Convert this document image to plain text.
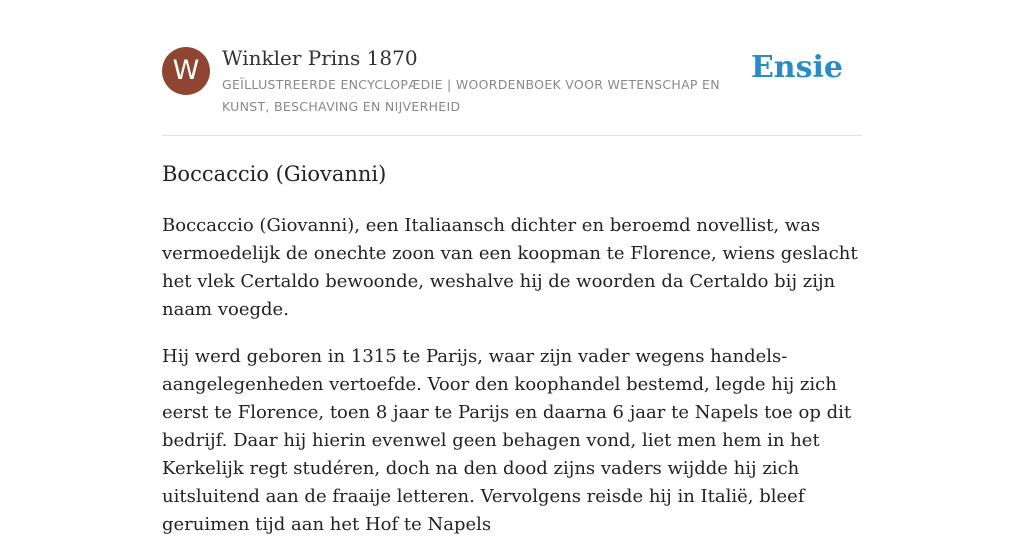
W	Winkler Prins 1870
GEÏLLUSTREERDE ENCYCLOPÆDIE | WOORDENBOEK VOOR WETENSCHAP EN KUNST, BESCHAVING EN NIJVERHEID
Ensie
Boccaccio (Giovanni)

Boccaccio (Giovanni), een Italiaansch dichter en beroemd novellist, was vermoedelijk de onechte zoon van een koopman te Florence, wiens geslacht het vlek Certaldo bewoonde, weshalve hij de woorden da Certaldo bij zijn naam voegde.

Hij werd geboren in 1315 te Parijs, waar zijn vader wegens handels-aangelegenheden vertoefde. Voor den koophandel bestemd, legde hij zich eerst te Florence, toen 8 jaar te Parijs en daarna 6 jaar te Napels toe op dit bedrijf. Daar hij hierin evenwel geen behagen vond, liet men hem in het Kerkelijk regt studéren, doch na den dood zijns vaders wijdde hij zich uitsluitend aan de fraaije letteren. Vervolgens reisde hij in Italië, bleef geruimen tijd aan het Hof te Napels
